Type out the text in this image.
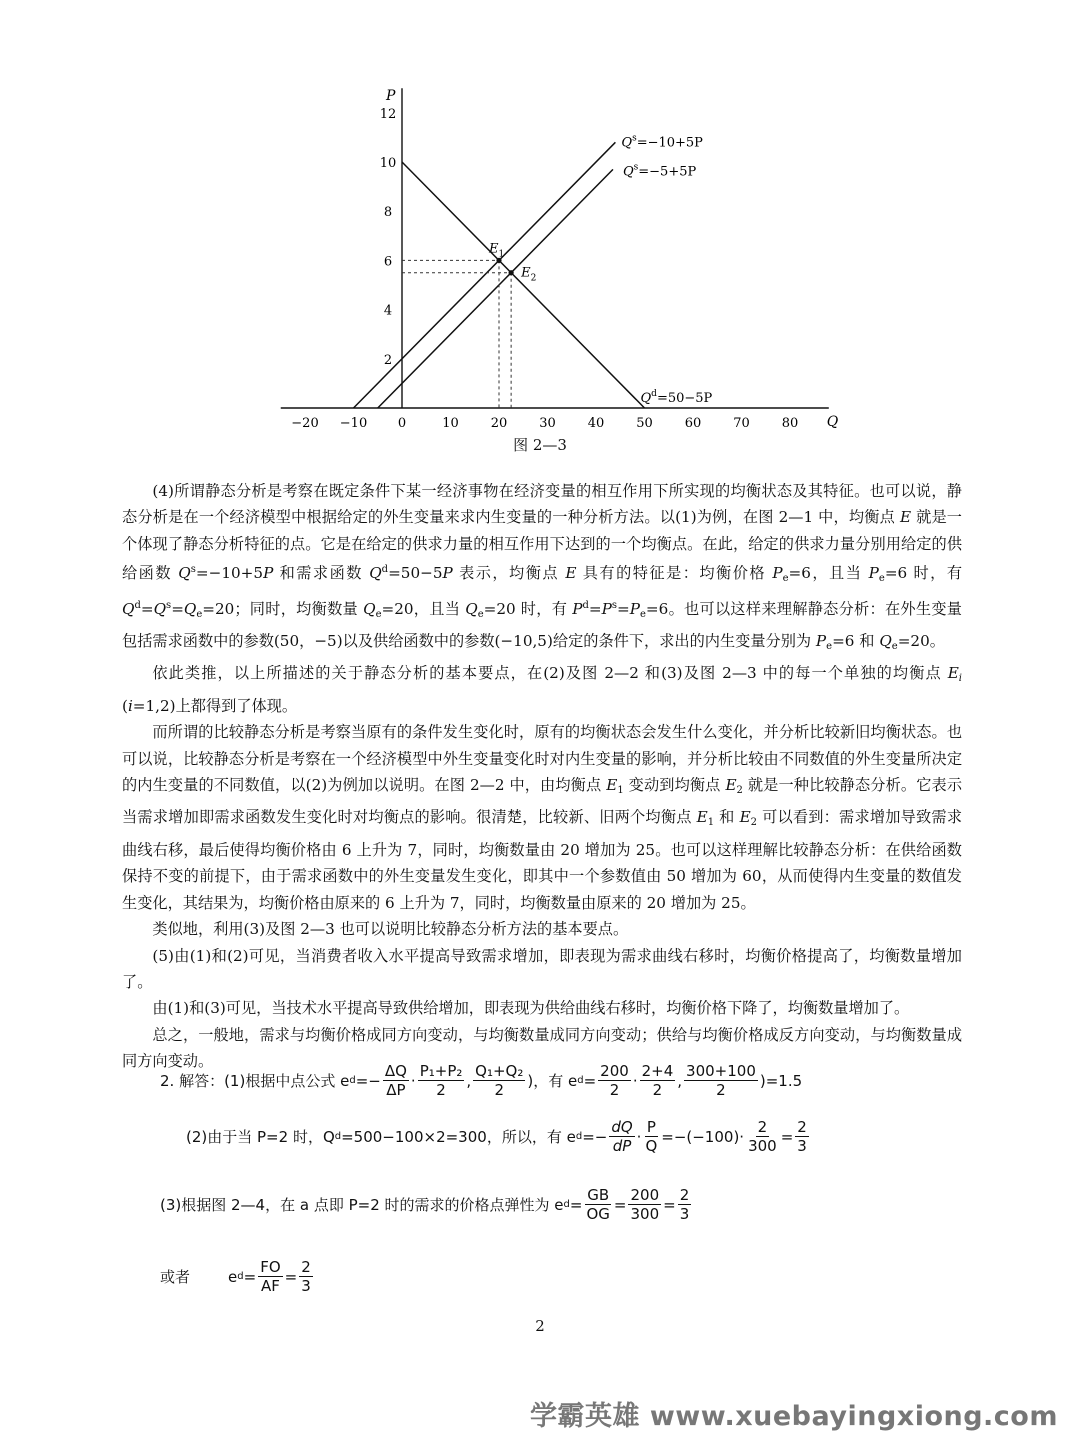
Q
P
−20 −10 0	10 20 30 40 50 60 70 80
2
4
6
8
10
12
$Q^d=50-5P$
$Q^s=-10+5P$
$Q^s=-5+5P$
$E_1$
$E_2$
图 2—3

(4)所谓静态分析是考察在既定条件下某一经济事物在经济变量的相互作用下所实现的均衡状态及其特征。也可以说，静态分析是在一个经济模型中根据给定的外生变量来求内生变量的一种分析方法。以(1)为例，在图 2—1 中，均衡点 E 就是一个体现了静态分析特征的点。它是在给定的供求力量的相互作用下达到的一个均衡点。在此，给定的供求力量分别用给定的供给函数 $Q^s=-10+5P$ 和需求函数 $Q^d=50-5P$ 表示，均衡点 E 具有的特征是：均衡价格 $P_e=6$，且当 $P_e=6$ 时，有 $Q^d=Q^s=Q_e=20$；同时，均衡数量 $Q_e=20$，且当 $Q_e=20$ 时，有 $P^d=P^s=P_e=6$。也可以这样来理解静态分析：在外生变量包括需求函数中的参数(50，−5)以及供给函数中的参数(−10,5)给定的条件下，求出的内生变量分别为 $P_e=6$ 和 $Q_e=20$。

依此类推，以上所描述的关于静态分析的基本要点，在(2)及图 2—2 和(3)及图 2—3 中的每一个单独的均衡点 $E_i$ (i=1,2)上都得到了体现。

而所谓的比较静态分析是考察当原有的条件发生变化时，原有的均衡状态会发生什么变化，并分析比较新旧均衡状态。也可以说，比较静态分析是考察在一个经济模型中外生变量变化时对内生变量的影响，并分析比较由不同数值的外生变量所决定的内生变量的不同数值，以(2)为例加以说明。在图 2—2 中，由均衡点 $E_1$ 变动到均衡点 $E_2$ 就是一种比较静态分析。它表示当需求增加即需求函数发生变化时对均衡点的影响。很清楚，比较新、旧两个均衡点 $E_1$ 和 $E_2$ 可以看到：需求增加导致需求曲线右移，最后使得均衡价格由 6 上升为 7，同时，均衡数量由 20 增加为 25。也可以这样理解比较静态分析：在供给函数保持不变的前提下，由于需求函数中的外生变量发生变化，即其中一个参数值由 50 增加为 60，从而使得内生变量的数值发生变化，其结果为，均衡价格由原来的 6 上升为 7，同时，均衡数量由原来的 20 增加为 25。

类似地，利用(3)及图 2—3 也可以说明比较静态分析方法的基本要点。

(5)由(1)和(2)可见，当消费者收入水平提高导致需求增加，即表现为需求曲线右移时，均衡价格提高了，均衡数量增加了。

由(1)和(3)可见，当技术水平提高导致供给增加，即表现为供给曲线右移时，均衡价格下降了，均衡数量增加了。

总之，一般地，需求与均衡价格成同方向变动，与均衡数量成同方向变动；供给与均衡价格成反方向变动，与均衡数量成同方向变动。

2. 解答：(1)根据中点公式 e $d =- \frac{\Delta Q}{\Delta P} \cdot \frac{\text{P₁+P₂}}{2}$ , $\frac{\text{Q₁+Q₂}}{2}$ )，有 e $d = \frac{200}{2} \cdot \frac{2+4}{2}$ , $\frac{300+100}{2} )=1.5$
(2)由于当 P=2 时，Q d =500−100×2=300，所以，有 e $d =- \frac{dQ}{dP} \cdot \frac{P}{Q} =-(-100)\cdot \frac{2}{300} = \frac{2}{3}$
(3)根据图 2—4，在 a 点即 P=2 时的需求的价格点弹性为 e $d = \frac{GB}{OG} = \frac{200}{300} = \frac{2}{3}$
或者	e $d = \frac{FO}{AF} = \frac{2}{3}$
2
学霸英雄 www.xuebayingxiong.com
